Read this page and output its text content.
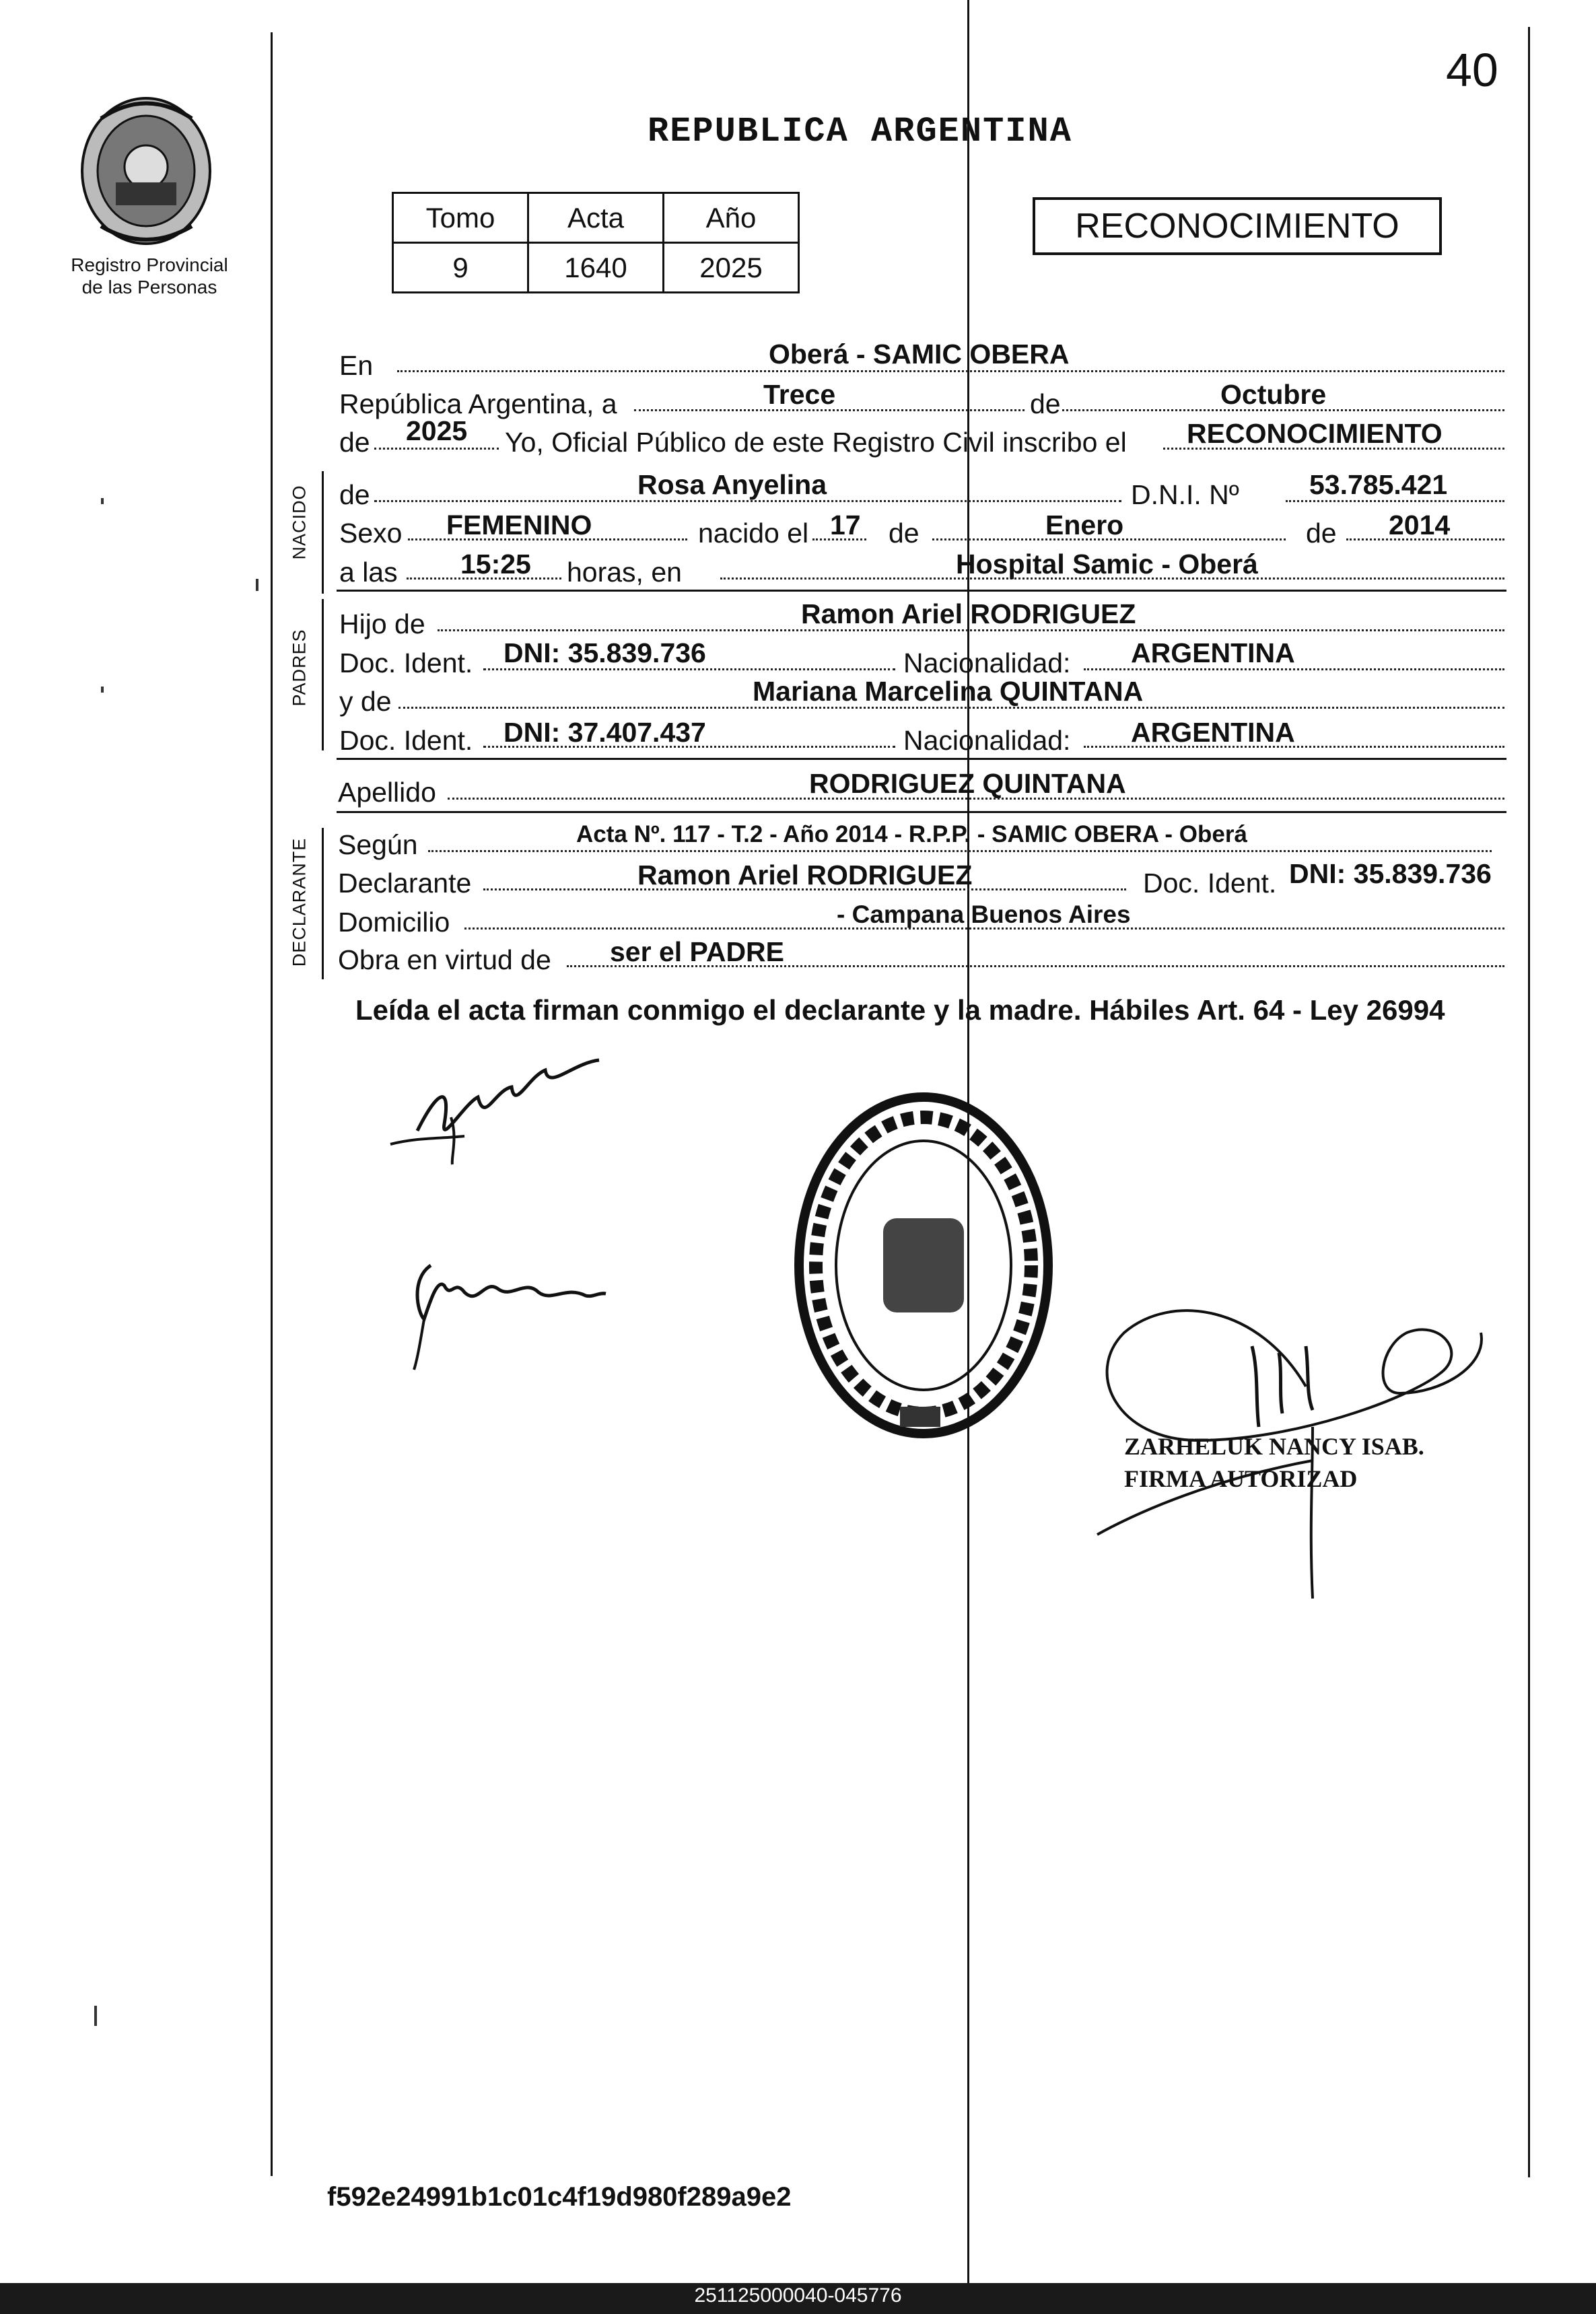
40
REPUBLICA ARGENTINA
Registro Provincial
de las Personas
Tomo	Acta	Año
9	1640	2025
RECONOCIMIENTO
En	Oberá - SAMIC OBERA
República Argentina, a	Trece	de	Octubre
de 2025 Yo, Oficial Público de este Registro Civil inscribo el RECONOCIMIENTO
NACIDO de	Rosa Anyelina	D.N.I. Nº	53.785.421
Sexo FEMENINO	nacido el 17 de	Enero	de 2014
a las 15:25 horas, en	Hospital Samic - Oberá
PADRES
Hijo de	Ramon Ariel RODRIGUEZ
Doc. Ident. DNI: 35.839.736	Nacionalidad: ARGENTINA
y de	Mariana Marcelina QUINTANA
Doc. Ident. DNI: 37.407.437	Nacionalidad: ARGENTINA
Apellido	RODRIGUEZ QUINTANA
DECLARANTE Según	Acta Nº. 117 - T.2 - Año 2014 - R.P.P. - SAMIC OBERA - Oberá
Declarante	Ramon Ariel RODRIGUEZ	Doc. Ident. DNI: 35.839.736
Domicilio	- Campana Buenos Aires
Obra en virtud de ser el PADRE
Leída el acta firman conmigo el declarante y la madre. Hábiles Art. 64 - Ley 26994
ZARHELUK NANCY ISAB.
FIRMA AUTORIZAD
f592e24991b1c01c4f19d980f289a9e2
251125000040-045776
